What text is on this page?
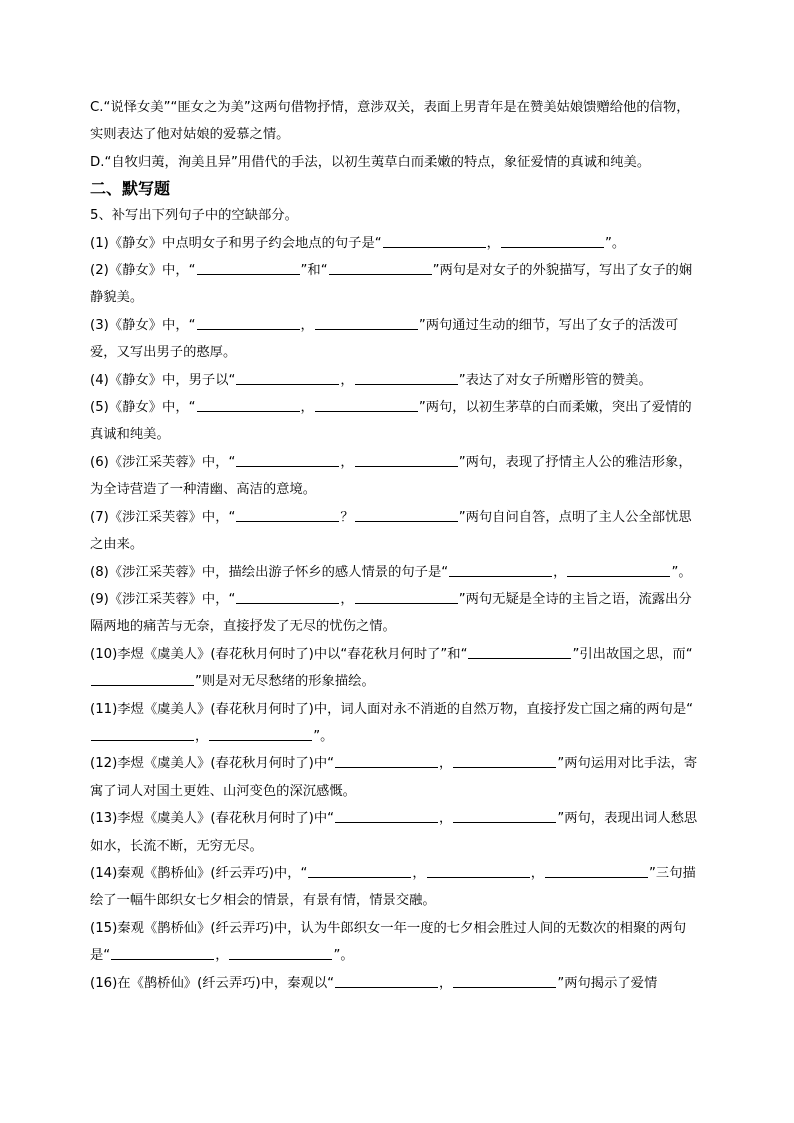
C.“说怿女美”“匪女之为美”这两句借物抒情，意涉双关，表面上男青年是在赞美姑娘馈赠给他的信物，实则表达了他对姑娘的爱慕之情。

D.“自牧归荑，洵美且异”用借代的手法，以初生荑草白而柔嫩的特点，象征爱情的真诚和纯美。

二、默写题

5、补写出下列句子中的空缺部分。

(1)《静女》中点明女子和男子约会地点的句子是“	，	”。

(2)《静女》中，“	”和“	”两句是对女子的外貌描写，写出了女子的娴静貌美。

(3)《静女》中，“	，	”两句通过生动的细节，写出了女子的活泼可爱，又写出男子的憨厚。

(4)《静女》中，男子以“	，	”表达了对女子所赠彤管的赞美。

(5)《静女》中，“	，	”两句，以初生茅草的白而柔嫩，突出了爱情的真诚和纯美。

(6)《涉江采芙蓉》中，“	，	”两句，表现了抒情主人公的雅洁形象，为全诗营造了一种清幽、高洁的意境。

(7)《涉江采芙蓉》中，“	？	”两句自问自答，点明了主人公全部忧思之由来。

(8)《涉江采芙蓉》中，描绘出游子怀乡的感人情景的句子是“	，	”。

(9)《涉江采芙蓉》中，“	，	”两句无疑是全诗的主旨之语，流露出分隔两地的痛苦与无奈，直接抒发了无尽的忧伤之情。

(10)李煜《虞美人》(春花秋月何时了)中以“春花秋月何时了”和“	”引出故国之思，而“”则是对无尽愁绪的形象描绘。

(11)李煜《虞美人》(春花秋月何时了)中，词人面对永不消逝的自然万物，直接抒发亡国之痛的两句是“，	”。

(12)李煜《虞美人》(春花秋月何时了)中“	，	”两句运用对比手法，寄寓了词人对国土更姓、山河变色的深沉感慨。

(13)李煜《虞美人》(春花秋月何时了)中“	，	”两句，表现出词人愁思如水，长流不断，无穷无尽。

(14)秦观《鹊桥仙》(纤云弄巧)中，“	，	，	”三句描绘了一幅牛郎织女七夕相会的情景，有景有情，情景交融。

(15)秦观《鹊桥仙》(纤云弄巧)中，认为牛郎织女一年一度的七夕相会胜过人间的无数次的相聚的两句是“	，	”。

(16)在《鹊桥仙》(纤云弄巧)中，秦观以“	，	”两句揭示了爱情
